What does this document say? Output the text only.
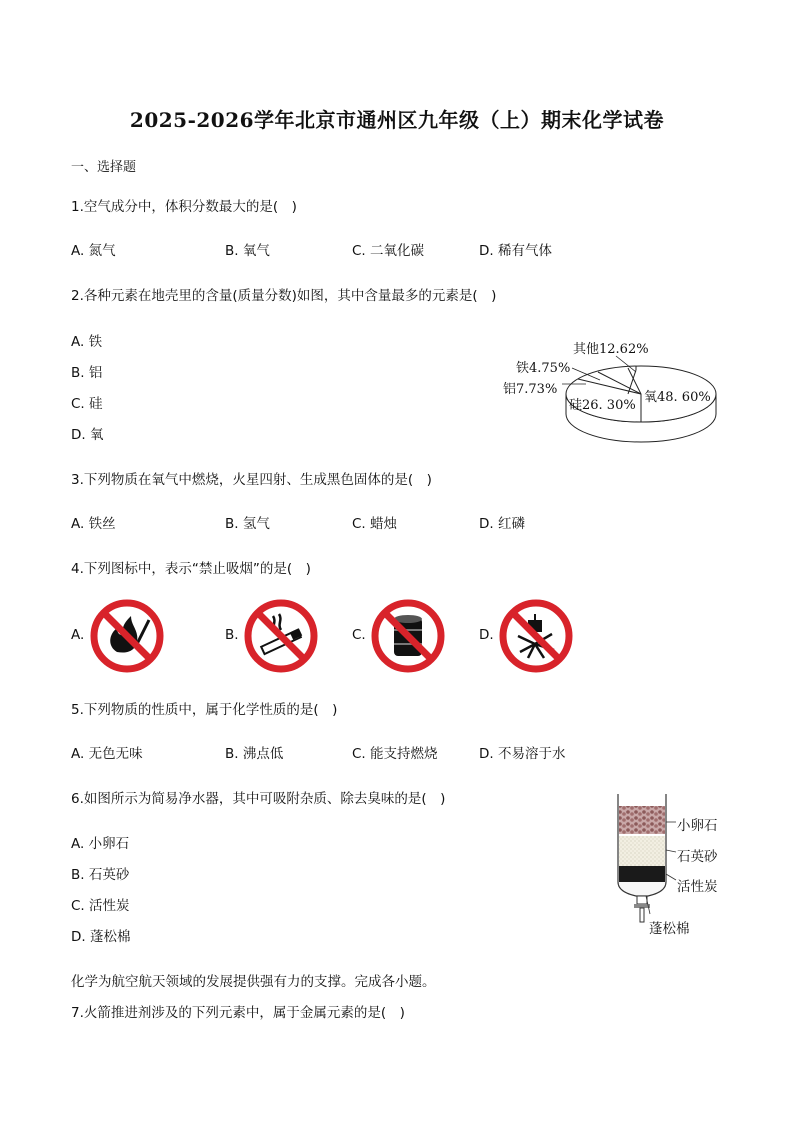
2025-2026学年北京市通州区九年级（上）期末化学试卷
一、选择题
1.空气成分中，体积分数最大的是(　)
A. 氮气	B. 氧气	C. 二氧化碳	D. 稀有气体
2.各种元素在地壳里的含量(质量分数)如图，其中含量最多的元素是(　)
A. 铁
B. 铝
C. 硅
D. 氧
其他12.62%
铁4.75%
铝7.73%
硅26. 30%
氧48. 60%
3.下列物质在氧气中燃烧，火星四射、生成黑色固体的是(　)
A. 铁丝	B. 氢气	C. 蜡烛	D. 红磷
4.下列图标中，表示“禁止吸烟”的是(　)
A.	B.	C.	D.
5.下列物质的性质中，属于化学性质的是(　)
A. 无色无味	B. 沸点低	C. 能支持燃烧	D. 不易溶于水
6.如图所示为简易净水器，其中可吸附杂质、除去臭味的是(　)
A. 小卵石
B. 石英砂
C. 活性炭
D. 蓬松棉
小卵石
石英砂
活性炭
蓬松棉
化学为航空航天领域的发展提供强有力的支撑。完成各小题。
7.火箭推进剂涉及的下列元素中，属于金属元素的是(　)
